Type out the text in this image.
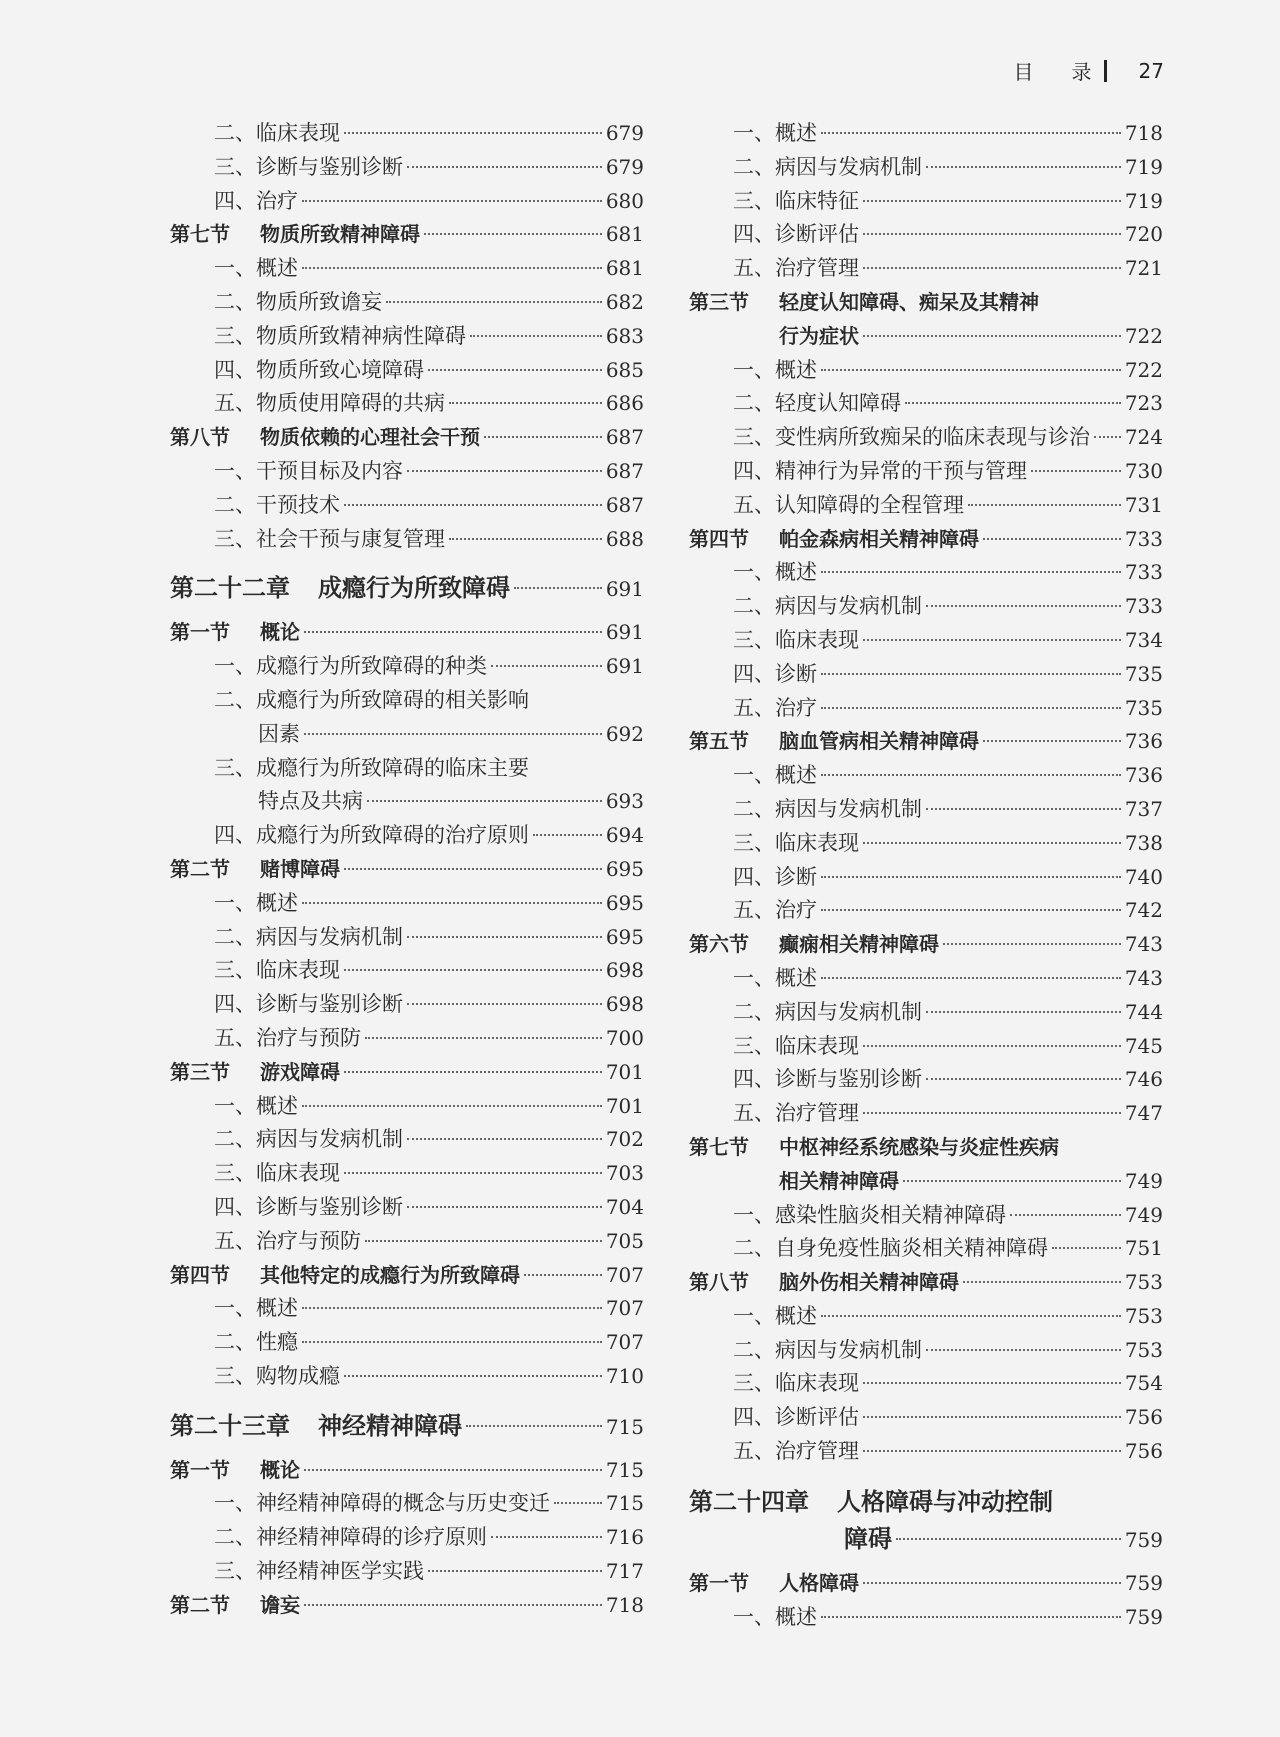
目 录 27
二、临床表现	679
三、诊断与鉴别诊断	679
四、治疗	680
第七节	物质所致精神障碍	681
一、概述	681
二、物质所致谵妄	682
三、物质所致精神病性障碍	683
四、物质所致心境障碍	685
五、物质使用障碍的共病	686
第八节	物质依赖的心理社会干预	687
一、干预目标及内容	687
二、干预技术	687
三、社会干预与康复管理	688
第二十二章 成瘾行为所致障碍	691
第一节	概论	691
一、成瘾行为所致障碍的种类	691
二、成瘾行为所致障碍的相关影响
因素	692
三、成瘾行为所致障碍的临床主要
特点及共病	693
四、成瘾行为所致障碍的治疗原则	694
第二节	赌博障碍	695
一、概述	695
二、病因与发病机制	695
三、临床表现	698
四、诊断与鉴别诊断	698
五、治疗与预防	700
第三节	游戏障碍	701
一、概述	701
二、病因与发病机制	702
三、临床表现	703
四、诊断与鉴别诊断	704
五、治疗与预防	705
第四节	其他特定的成瘾行为所致障碍	707
一、概述	707
二、性瘾	707
三、购物成瘾	710
第二十三章 神经精神障碍	715
第一节	概论	715
一、神经精神障碍的概念与历史变迁	715
二、神经精神障碍的诊疗原则	716
三、神经精神医学实践	717
第二节	谵妄	718
一、概述	718
二、病因与发病机制	719
三、临床特征	719
四、诊断评估	720
五、治疗管理	721
第三节	轻度认知障碍、痴呆及其精神
行为症状	722
一、概述	722
二、轻度认知障碍	723
三、变性病所致痴呆的临床表现与诊治 724
四、精神行为异常的干预与管理	730
五、认知障碍的全程管理	731
第四节	帕金森病相关精神障碍	733
一、概述	733
二、病因与发病机制	733
三、临床表现	734
四、诊断	735
五、治疗	735
第五节	脑血管病相关精神障碍	736
一、概述	736
二、病因与发病机制	737
三、临床表现	738
四、诊断	740
五、治疗	742
第六节	癫痫相关精神障碍	743
一、概述	743
二、病因与发病机制	744
三、临床表现	745
四、诊断与鉴别诊断	746
五、治疗管理	747
第七节	中枢神经系统感染与炎症性疾病
相关精神障碍	749
一、感染性脑炎相关精神障碍	749
二、自身免疫性脑炎相关精神障碍	751
第八节	脑外伤相关精神障碍	753
一、概述	753
二、病因与发病机制	753
三、临床表现	754
四、诊断评估	756
五、治疗管理	756
第二十四章 人格障碍与冲动控制
障碍	759
第一节	人格障碍	759
一、概述	759
